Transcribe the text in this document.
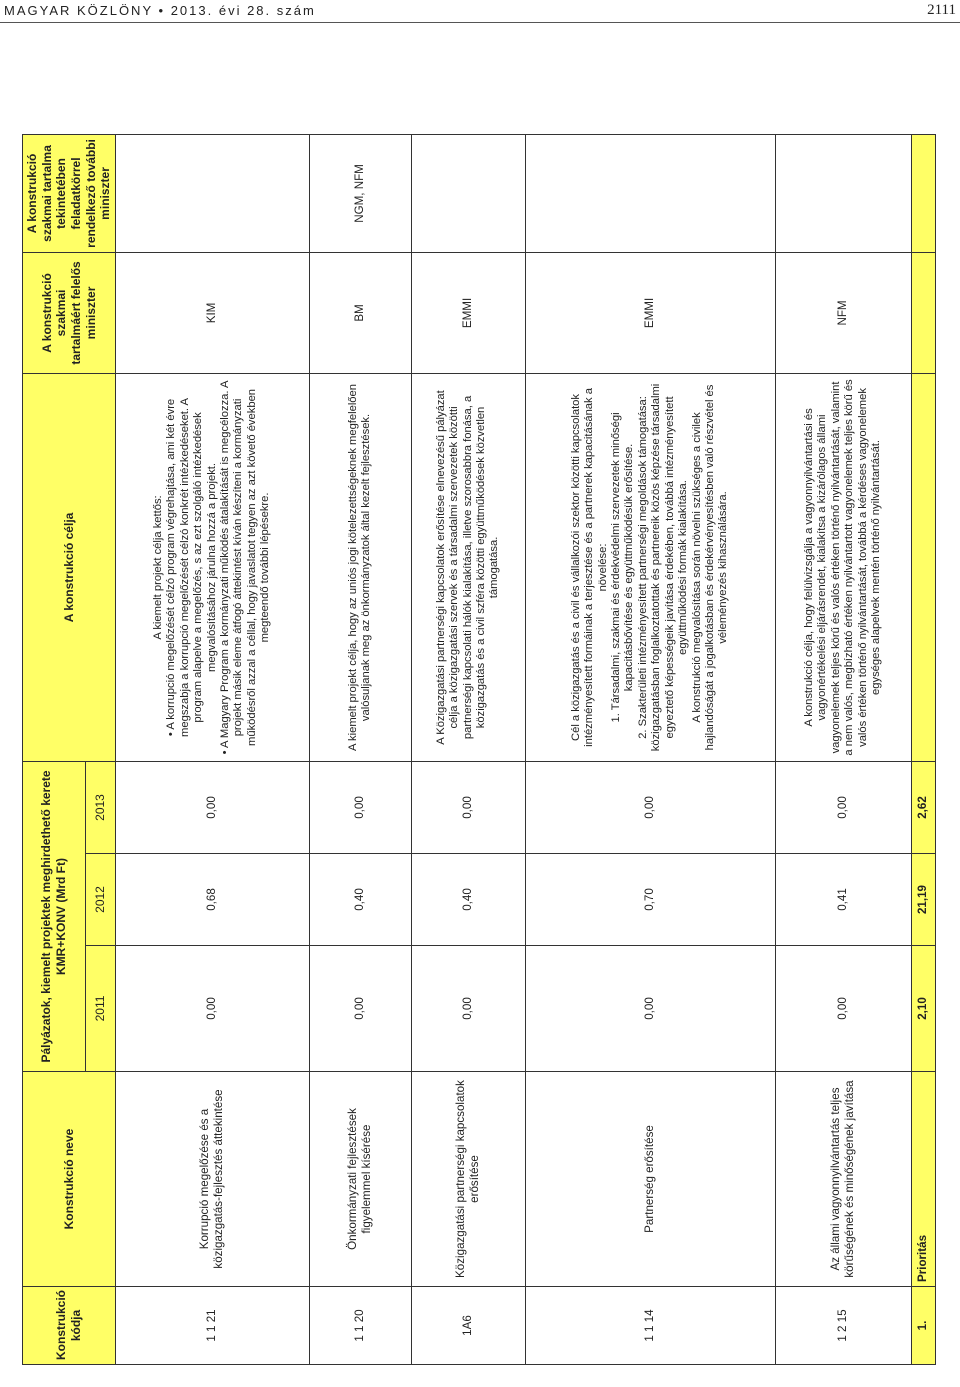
MAGYAR KÖZLÖNY • 2013. évi 28. szám	2111
Konstrukció kódja	Konstrukció neve	Pályázatok, kiemelt projektek meghirdethető kerete KMR+KONV (Mrd Ft)			A konstrukció célja	A konstrukció szakmai tartalmáért felelős miniszter	A konstrukció szakmai tartalma tekintetében feladatkörrel rendelkező további miniszter
		2011	2012	2013			
1 1 21	Korrupció megelőzése és a közigazgatás-fejlesztés áttekintése	0,00	0,68	0,00	A kiemelt projekt célja kettős: • A korrupció megelőzését célzó program végrehajtása, ami két évre megszabja a korrupció megelőzését célzó konkrét intézkedéseket. A program alapelve a megelőzés, s az ezt szolgáló intézkedések megvalósításához járulna hozzá a projekt. • A Magyary Program a kormányzati működés átalakítását is megcélozza. A projekt másik eleme átfogó áttekintést kíván készíteni a kormányzati működésről azzal a céllal, hogy javaslatot tegyen az azt követő években megteendő további lépésekre.	KIM	
1 1 20	Önkormányzati fejlesztések figyelemmel kísérése	0,00	0,40	0,00	A kiemelt projekt célja, hogy az uniós jogi kötelezettségeknek megfelelően valósuljanak meg az önkormányzatok által kezelt fejlesztések.	BM	NGM, NFM
1A6	Közigazgatási partnerségi kapcsolatok erősítése	0,00	0,40	0,00	A Közigazgatási partnerségi kapcsolatok erősítése elnevezésű pályázat célja a közigazgatási szervek és a társadalmi szervezetek közötti partnerségi kapcsolati hálók kialakítása, illetve szorosabbra fonása, a közigazgatás és a civil szféra közötti együttműködések közvetlen támogatása.	EMMI	
1 1 14	Partnerség erősítése	0,00	0,70	0,00	Cél a közigazgatás és a civil és vállalkozói szektor közötti kapcsolatok intézményesített formáinak a terjesztése és a partnerek kapacitásának a növelése: 1. Társadalmi, szakmai és érdekvédelmi szervezetek minőségi kapacitásbővítése és együttműködésük erősítése. 2. Szakterületi intézményesített partnerségi megoldások támogatása: közigazgatásban foglalkoztatottak és partnereik közös képzése társadalmi egyeztető képességeik javítása érdekében, továbbá intézményesített együttműködési formák kialakítása. A konstrukció megvalósítása során növelni szükséges a civilek hajlandóságát a jogalkotásban és érdekérvényesítésben való részvétel és véleményezés kihasználására.	EMMI	
1 2 15	Az állami vagyonnyilvántartás teljes körűségének és minőségének javítása	0,00	0,41	0,00	A konstrukció célja, hogy felülvizsgálja a vagyonnyilvántartási és vagyonértékelési eljárásrendet, kialakítsa a kizárólagos állami vagyonelemek teljes körű és valós értéken történő nyilvántartását, valamint a nem valós, megbízható értéken nyilvántartott vagyonelemek teljes körű és valós értéken történő nyilvántartását, továbbá a kérdéses vagyonelemek egységes alapelvek mentén történő nyilvántartását.	NFM	
1.	Prioritás	2,10	21,19	2,62			
